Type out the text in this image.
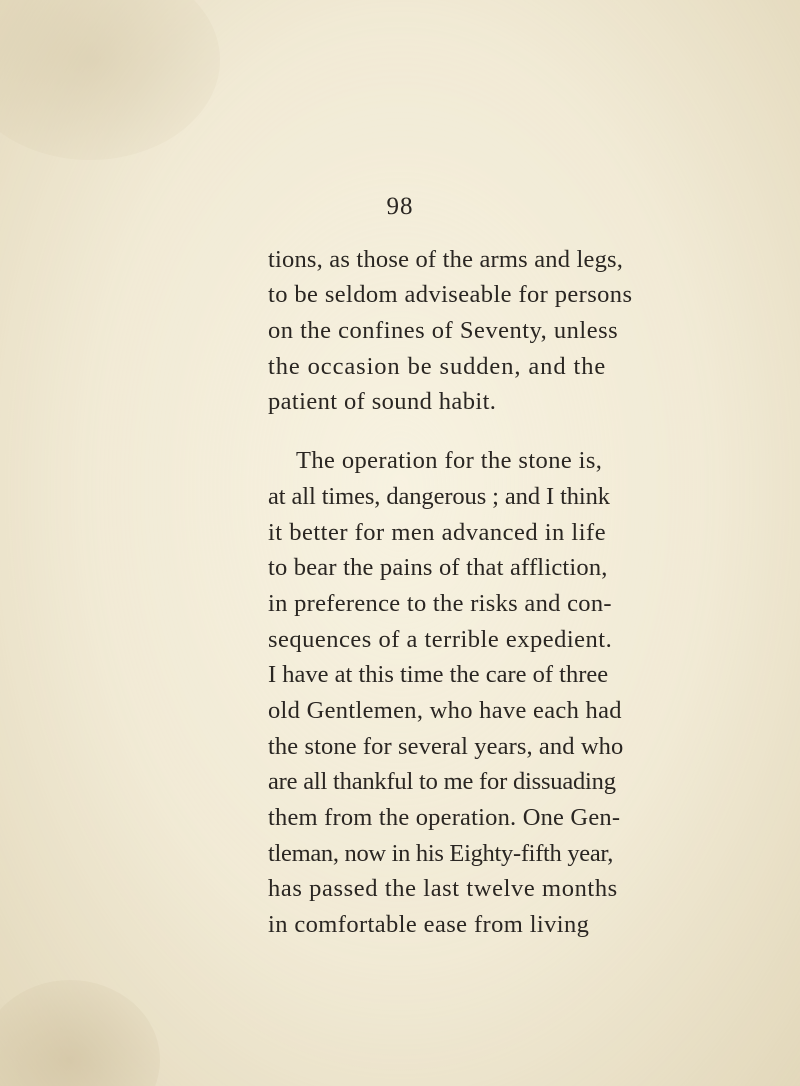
98
tions, as those of the arms and legs,
to be seldom adviseable for persons
on the confines of Seventy, unless
the occasion be sudden, and the
patient of sound habit.
The operation for the stone is,
at all times, dangerous ; and I think
it better for men advanced in life
to bear the pains of that affliction,
in preference to the risks and con-
sequences of a terrible expedient.
I have at this time the care of three
old Gentlemen, who have each had
the stone for several years, and who
are all thankful to me for dissuading
them from the operation. One Gen-
tleman, now in his Eighty-fifth year,
has passed the last twelve months
in comfortable ease from living
